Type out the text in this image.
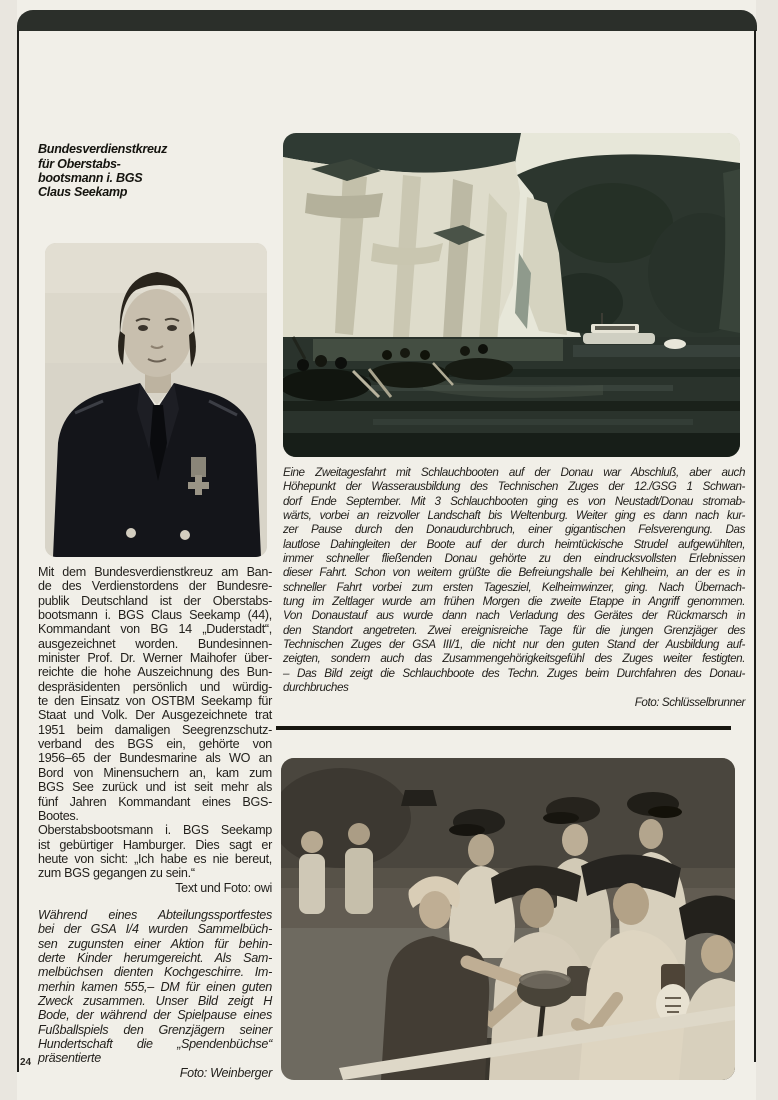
Bundesverdienstkreuz
für Oberstabs-
bootsmann i. BGS
Claus Seekamp
Mit dem Bundesverdienstkreuz am Ban-
de des Verdienstordens der Bundesre-
publik Deutschland ist der Oberstabs-
bootsmann i. BGS Claus Seekamp (44),
Kommandant von BG 14 „Duderstadt“,
ausgezeichnet worden. Bundesinnen-
minister Prof. Dr. Werner Maihofer über-
reichte die hohe Auszeichnung des Bun-
despräsidenten persönlich und würdig-
te den Einsatz von OSTBM Seekamp für
Staat und Volk. Der Ausgezeichnete trat
1951 beim damaligen Seegrenzschutz-
verband des BGS ein, gehörte von
1956–65 der Bundesmarine als WO an
Bord von Minensuchern an, kam zum
BGS See zurück und ist seit mehr als
fünf Jahren Kommandant eines BGS-
Bootes.
Oberstabsbootsmann i. BGS Seekamp
ist gebürtiger Hamburger. Dies sagt er
heute von sicht: „Ich habe es nie bereut,
zum BGS gegangen zu sein.“
Text und Foto: owi
Während eines Abteilungssportfestes
bei der GSA I/4 wurden Sammelbüch-
sen zugunsten einer Aktion für behin-
derte Kinder herumgereicht. Als Sam-
melbüchsen dienten Kochgeschirre. Im-
merhin kamen 555,– DM für einen guten
Zweck zusammen. Unser Bild zeigt H
Bode, der während der Spielpause eines
Fußballspiels den Grenzjägern seiner
Hundertschaft die „Spendenbüchse“
präsentierte
Foto: Weinberger
Eine Zweitagesfahrt mit Schlauchbooten auf der Donau war Abschluß, aber auch
Höhepunkt der Wasserausbildung des Technischen Zuges der 12./GSG 1 Schwan-
dorf Ende September. Mit 3 Schlauchbooten ging es von Neustadt/Donau stromab-
wärts, vorbei an reizvoller Landschaft bis Weltenburg. Weiter ging es dann nach kur-
zer Pause durch den Donaudurchbruch, einer gigantischen Felsverengung. Das
lautlose Dahingleiten der Boote auf der durch heimtückische Strudel aufgewühlten,
immer schneller fließenden Donau gehörte zu den eindrucksvollsten Erlebnissen
dieser Fahrt. Schon von weitem grüßte die Befreiungshalle bei Kehlheim, an der es in
schneller Fahrt vorbei zum ersten Tagesziel, Kelheimwinzer, ging. Nach Übernach-
tung im Zeltlager wurde am frühen Morgen die zweite Etappe in Angriff genommen.
Von Donaustauf aus wurde dann nach Verladung des Gerätes der Rückmarsch in
den Standort angetreten. Zwei ereignisreiche Tage für die jungen Grenzjäger des
Technischen Zuges der GSA III/1, die nicht nur den guten Stand der Ausbildung auf-
zeigten, sondern auch das Zusammengehörigkeitsgefühl des Zuges weiter festigten.
– Das Bild zeigt die Schlauchboote des Techn. Zuges beim Durchfahren des Donau-
durchbruches
Foto: Schlüsselbrunner
24
